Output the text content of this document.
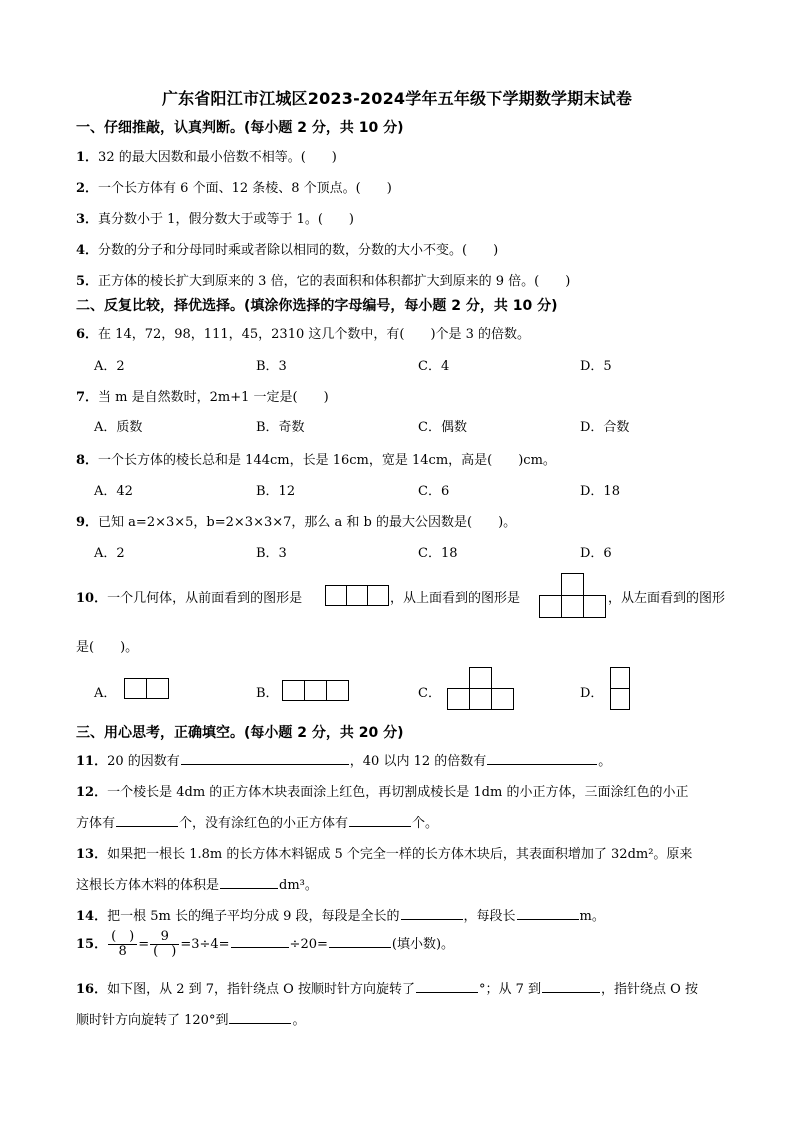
广东省阳江市江城区2023-2024学年五年级下学期数学期末试卷
一、仔细推敲，认真判断。(每小题 2 分，共 10 分)
1．32 的最大因数和最小倍数不相等。(　　)
2．一个长方体有 6 个面、12 条棱、8 个顶点。(　　)
3．真分数小于 1，假分数大于或等于 1。(　　)
4．分数的分子和分母同时乘或者除以相同的数，分数的大小不变。(　　)
5．正方体的棱长扩大到原来的 3 倍，它的表面积和体积都扩大到原来的 9 倍。(　　)
二、反复比较，择优选择。(填涂你选择的字母编号，每小题 2 分，共 10 分)
6．在 14，72，98，111，45，2310 这几个数中，有(　　)个是 3 的倍数。
A．2	B．3	C．4	D．5
7．当 m 是自然数时，2m+1 一定是(　　)
A．质数	B．奇数	C．偶数	D．合数
8．一个长方体的棱长总和是 144cm，长是 16cm，宽是 14cm，高是(　　)cm。
A．42	B．12	C．6	D．18
9．已知 a=2×3×5，b=2×3×3×7，那么 a 和 b 的最大公因数是(　　)。
A．2	B．3	C．18	D．6
10．一个几何体，从前面看到的图形是	，从上面看到的图形是	，从左面看到的图形
是(　　)。
A．	B．	C．	D．
三、用心思考，正确填空。(每小题 2 分，共 20 分)
11．20 的因数有	，40 以内 12 的倍数有	。
12．一个棱长是 4dm 的正方体木块表面涂上红色，再切割成棱长是 1dm 的小正方体，三面涂红色的小正
方体有	个，没有涂红色的小正方体有	个。
13．如果把一根长 1.8m 的长方体木料锯成 5 个完全一样的长方体木块后，其表面积增加了 32dm²。原来
这根长方体木料的体积是	dm³。
14．把一根 5m 长的绳子平均分成 9 段，每段是全长的	，每段长	m。
15． $\frac{( )}{8} = \frac{9}{( )} =3\div 4=$	÷20=	(填小数)。
16．如下图，从 2 到 7，指针绕点 O 按顺时针方向旋转了	°；从 7 到	，指针绕点 O 按
顺时针方向旋转了 120°到	。
